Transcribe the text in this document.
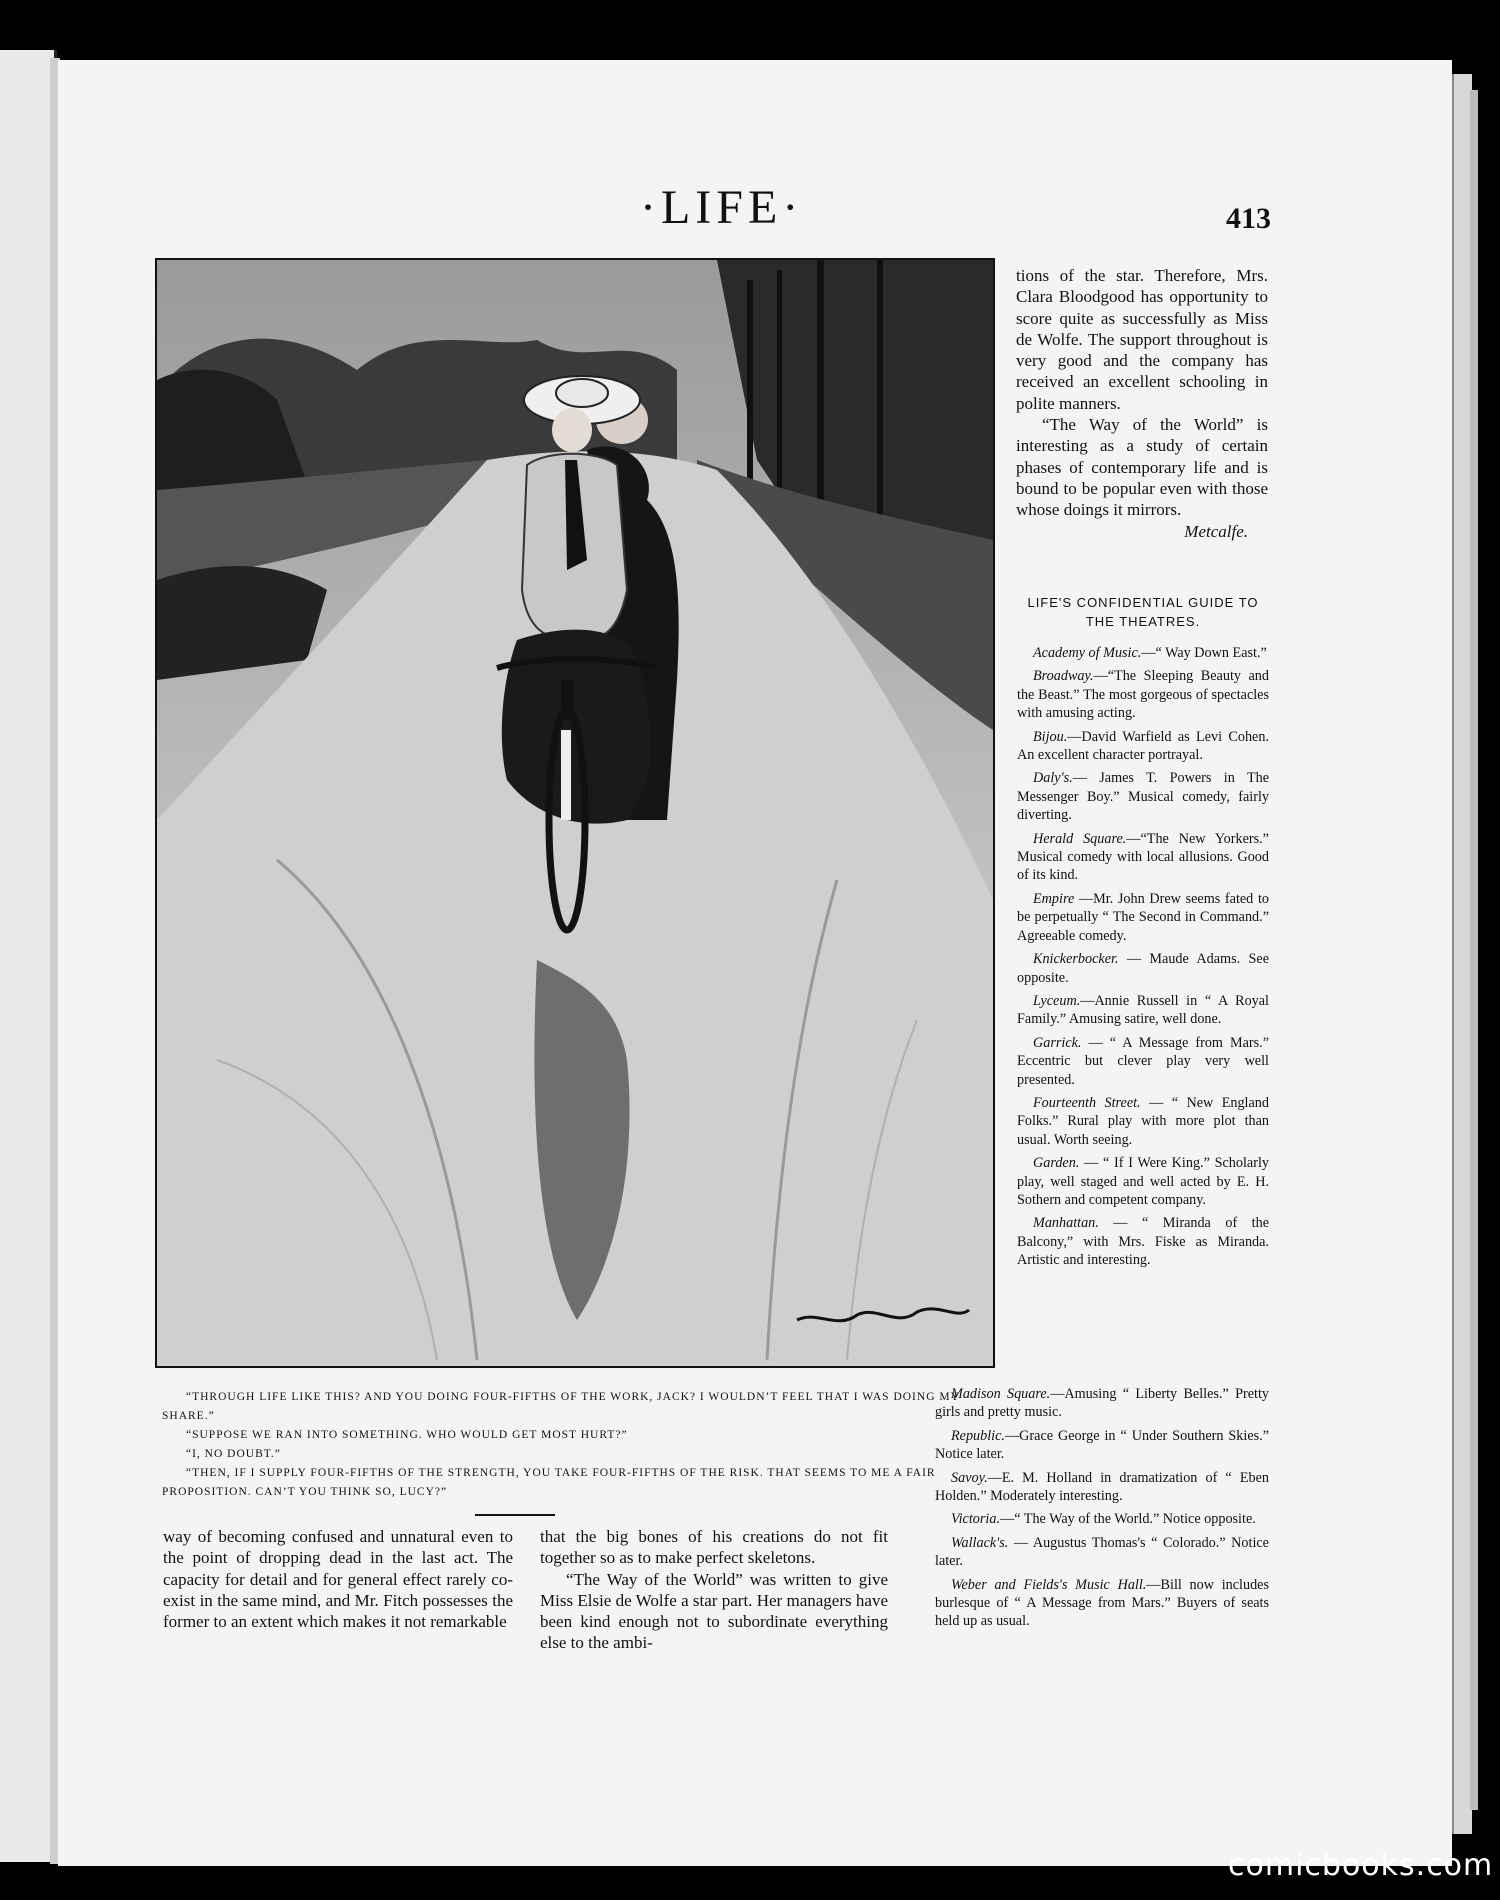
·LIFE·	413

“THROUGH LIFE LIKE THIS? AND YOU DOING FOUR-FIFTHS OF THE WORK, JACK? I WOULDN’T FEEL THAT I WAS DOING MY SHARE.”

“SUPPOSE WE RAN INTO SOMETHING. WHO WOULD GET MOST HURT?”

“I, NO DOUBT.”

“THEN, IF I SUPPLY FOUR-FIFTHS OF THE STRENGTH, YOU TAKE FOUR-FIFTHS OF THE RISK. THAT SEEMS TO ME A FAIR PROPOSITION. CAN’T YOU THINK SO, LUCY?”

way of becoming confused and unnatural even to the point of dropping dead in the last act. The capacity for detail and for general effect rarely co-exist in the same mind, and Mr. Fitch possesses the former to an extent which makes it not remarkable

that the big bones of his creations do not fit together so as to make perfect skeletons.

“The Way of the World” was written to give Miss Elsie de Wolfe a star part. Her managers have been kind enough not to subordinate everything else to the ambi-

tions of the star. Therefore, Mrs. Clara Bloodgood has opportunity to score quite as successfully as Miss de Wolfe. The support throughout is very good and the company has received an excellent schooling in polite manners.

“The Way of the World” is interesting as a study of certain phases of contemporary life and is bound to be popular even with those whose doings it mirrors.

Metcalfe.

LIFE'S CONFIDENTIAL GUIDE TO
THE THEATRES.

Academy of Music.—“ Way Down East.”

Broadway.—“The Sleeping Beauty and the Beast.” The most gorgeous of spectacles with amusing acting.

Bijou.—David Warfield as Levi Cohen. An excellent character portrayal.

Daly's.— James T. Powers in The Messenger Boy.” Musical comedy, fairly diverting.

Herald Square.—“The New Yorkers.” Musical comedy with local allusions. Good of its kind.

Empire —Mr. John Drew seems fated to be perpetually “ The Second in Command.” Agreeable comedy.

Knickerbocker. — Maude Adams. See opposite.

Lyceum.—Annie Russell in “ A Royal Family.” Amusing satire, well done.

Garrick. — “ A Message from Mars.” Eccentric but clever play very well presented.

Fourteenth Street. — “ New England Folks.” Rural play with more plot than usual. Worth seeing.

Garden. — “ If I Were King.” Scholarly play, well staged and well acted by E. H. Sothern and competent company.

Manhattan. — “ Miranda of the Balcony,” with Mrs. Fiske as Miranda. Artistic and interesting.

Madison Square.—Amusing “ Liberty Belles.” Pretty girls and pretty music.

Republic.—Grace George in “ Under Southern Skies.” Notice later.

Savoy.—E. M. Holland in dramatization of “ Eben Holden.” Moderately interesting.

Victoria.—“ The Way of the World.” Notice opposite.

Wallack's. — Augustus Thomas's “ Colorado.” Notice later.

Weber and Fields's Music Hall.—Bill now includes burlesque of “ A Message from Mars.” Buyers of seats held up as usual.

comicbooks.com
